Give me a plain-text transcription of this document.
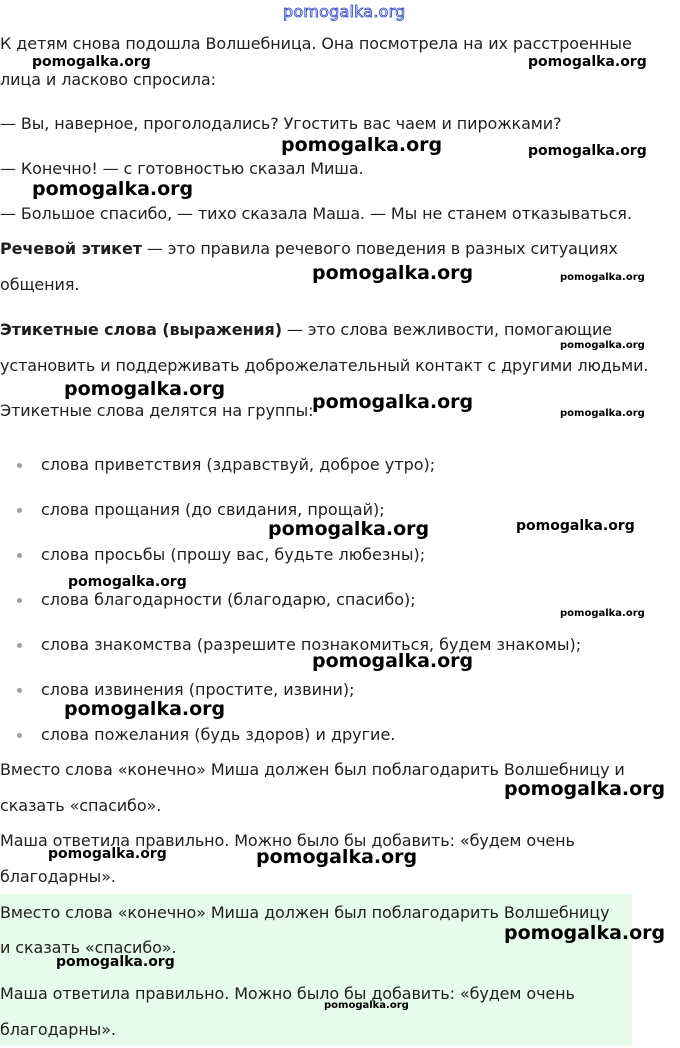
pomogalka.org

К детям снова подошла Волшебница. Она посмотрела на их расстроенные

лица и ласково спросила:

— Вы, наверное, проголодались? Угостить вас чаем и пирожками?

— Конечно! — с готовностью сказал Миша.

— Большое спасибо, — тихо сказала Маша. — Мы не станем отказываться.

Речевой этикет — это правила речевого поведения в разных ситуациях

общения.

Этикетные слова (выражения) — это слова вежливости, помогающие

установить и поддерживать доброжелательный контакт с другими людьми.

Этикетные слова делятся на группы:

слова приветствия (здравствуй, доброе утро);
слова прощания (до свидания, прощай);
слова просьбы (прошу вас, будьте любезны);
слова благодарности (благодарю, спасибо);
слова знакомства (разрешите познакомиться, будем знакомы);
слова извинения (простите, извини);
слова пожелания (будь здоров) и другие.

Вместо слова «конечно» Миша должен был поблагодарить Волшебницу и

сказать «спасибо».

Маша ответила правильно. Можно было бы добавить: «будем очень

благодарны».

Вместо слова «конечно» Миша должен был поблагодарить Волшебницу

и сказать «спасибо».

Маша ответила правильно. Можно было бы добавить: «будем очень

благодарны».

pomogalka.org	pomogalka.org
pomogalka.org	pomogalka.org
pomogalka.org
pomogalka.org	pomogalka.org
pomogalka.org
pomogalka.org
pomogalka.org
pomogalka.org
pomogalka.org	pomogalka.org
pomogalka.org
pomogalka.org
pomogalka.org
pomogalka.org
pomogalka.org
pomogalka.org	pomogalka.org
pomogalka.org
pomogalka.org
pomogalka.org
